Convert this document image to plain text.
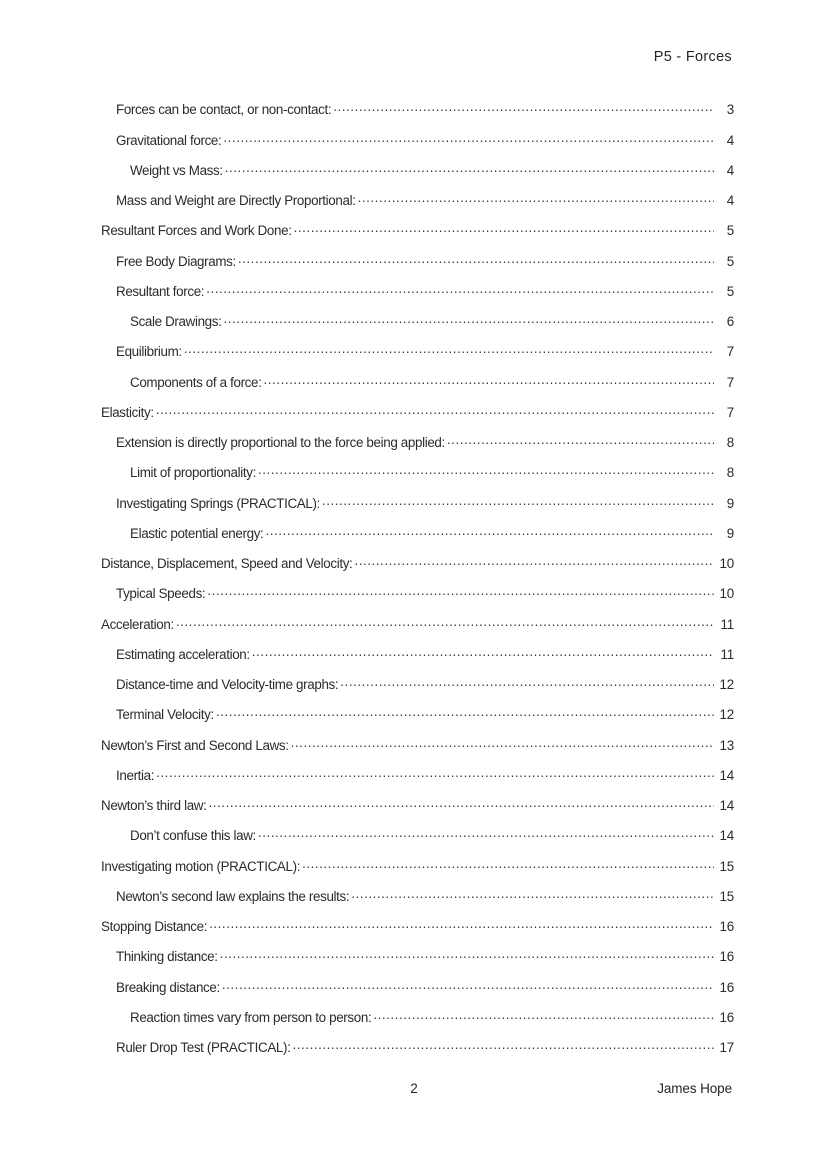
P5 - Forces
Forces can be contact, or non-contact: .....	3
Gravitational force: .....	4
Weight vs Mass: .....	4
Mass and Weight are Directly Proportional: .....	4
Resultant Forces and Work Done: .....	5
Free Body Diagrams: .....	5
Resultant force: .....	5
Scale Drawings: .....	6
Equilibrium: .....	7
Components of a force: .....	7
Elasticity: .....	7
Extension is directly proportional to the force being applied: .....	8
Limit of proportionality: .....	8
Investigating Springs (PRACTICAL): .....	9
Elastic potential energy: .....	9
Distance, Displacement, Speed and Velocity: .....	10
Typical Speeds: .....	10
Acceleration: .....	11
Estimating acceleration: .....	11
Distance-time and Velocity-time graphs: .....	12
Terminal Velocity: .....	12
Newton’s First and Second Laws: .....	13
Inertia: .....	14
Newton’s third law: .....	14
Don’t confuse this law: .....	14
Investigating motion (PRACTICAL): .....	15
Newton’s second law explains the results: .....	15
Stopping Distance: .....	16
Thinking distance: .....	16
Breaking distance: .....	16
Reaction times vary from person to person: .....	16
Ruler Drop Test (PRACTICAL): .....	17
2	James Hope
